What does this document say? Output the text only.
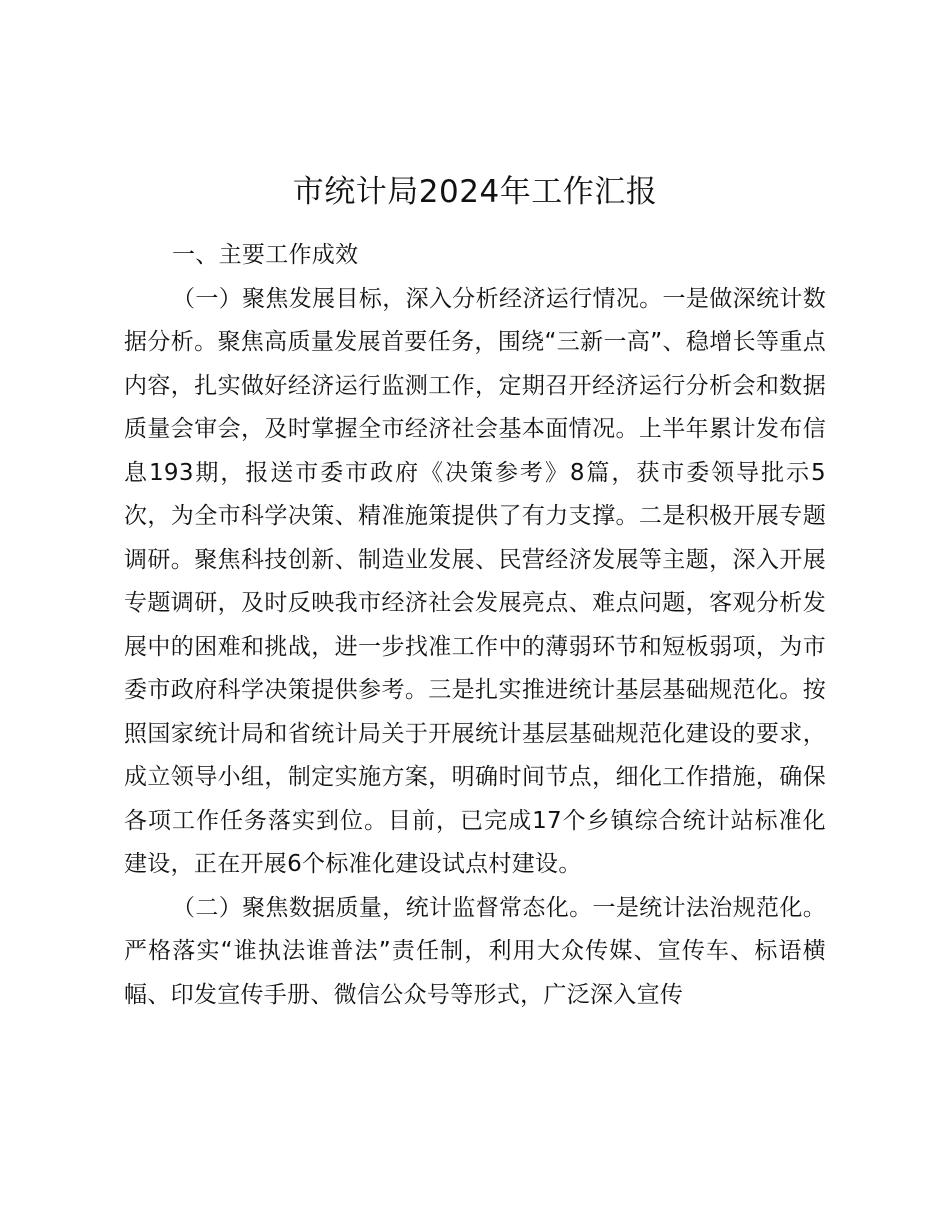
市统计局2024年工作汇报
一、主要工作成效

（一）聚焦发展目标，深入分析经济运行情况。一是做深统计数据分析。聚焦高质量发展首要任务，围绕“三新一高”、稳增长等重点内容，扎实做好经济运行监测工作，定期召开经济运行分析会和数据质量会审会，及时掌握全市经济社会基本面情况。上半年累计发布信息193期，报送市委市政府《决策参考》8篇，获市委领导批示5次，为全市科学决策、精准施策提供了有力支撑。二是积极开展专题调研。聚焦科技创新、制造业发展、民营经济发展等主题，深入开展专题调研，及时反映我市经济社会发展亮点、难点问题，客观分析发展中的困难和挑战，进一步找准工作中的薄弱环节和短板弱项，为市委市政府科学决策提供参考。三是扎实推进统计基层基础规范化。按照国家统计局和省统计局关于开展统计基层基础规范化建设的要求，成立领导小组，制定实施方案，明确时间节点，细化工作措施，确保各项工作任务落实到位。目前，已完成17个乡镇综合统计站标准化建设，正在开展6个标准化建设试点村建设。

（二）聚焦数据质量，统计监督常态化。一是统计法治规范化。严格落实“谁执法谁普法”责任制，利用大众传媒、宣传车、标语横幅、印发宣传手册、微信公众号等形式，广泛深入宣传
